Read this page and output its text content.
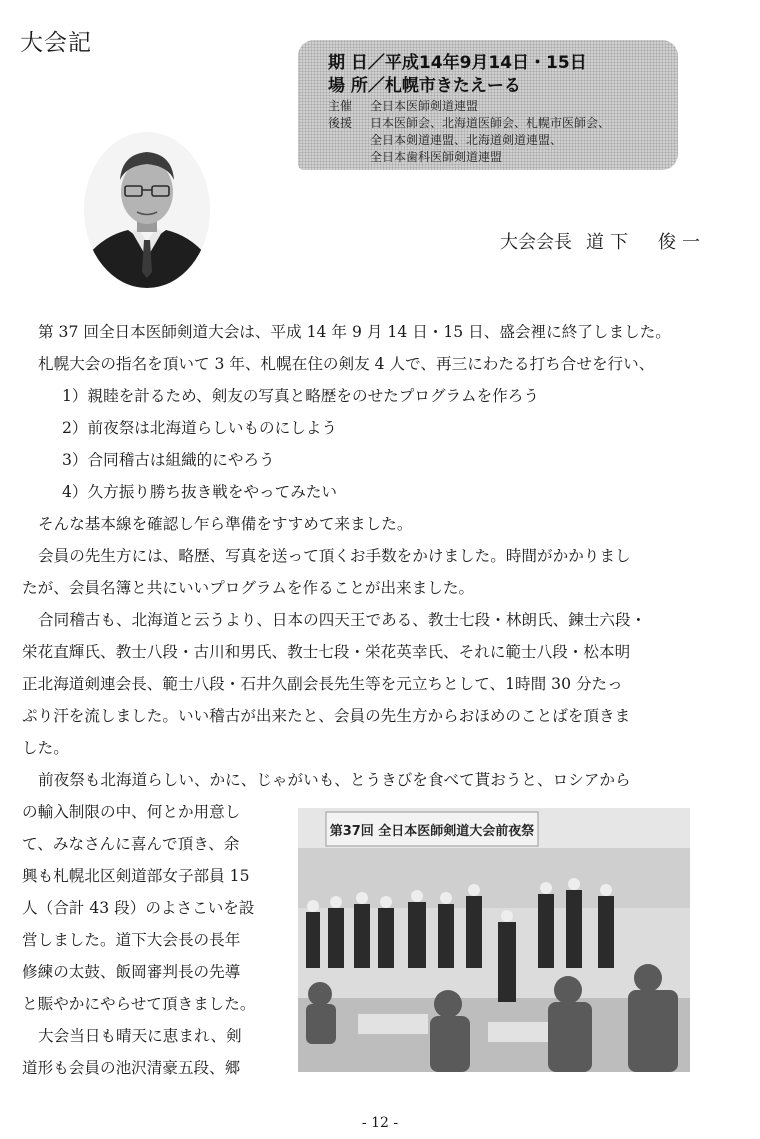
大会記
期 日／平成14年9月14日・15日
場 所／札幌市きたえーる
主催 全日本医師剣道連盟
後援 日本医師会、北海道医師会、札幌市医師会、
全日本剣道連盟、北海道剣道連盟、
全日本歯科医師剣道連盟
大会会長 道下　俊一
第 37 回全日本医師剣道大会は、平成 14 年 9 月 14 日・15 日、盛会裡に終了しました。
札幌大会の指名を頂いて 3 年、札幌在住の剣友 4 人で、再三にわたる打ち合せを行い、
1）親睦を計るため、剣友の写真と略歴をのせたプログラムを作ろう
2）前夜祭は北海道らしいものにしよう
3）合同稽古は組織的にやろう
4）久方振り勝ち抜き戦をやってみたい
そんな基本線を確認し乍ら準備をすすめて来ました。
会員の先生方には、略歴、写真を送って頂くお手数をかけました。時間がかかりまし
たが、会員名簿と共にいいプログラムを作ることが出来ました。
合同稽古も、北海道と云うより、日本の四天王である、教士七段・林朗氏、錬士六段・
栄花直輝氏、教士八段・古川和男氏、教士七段・栄花英幸氏、それに範士八段・松本明
正北海道剣連会長、範士八段・石井久副会長先生等を元立ちとして、1時間 30 分たっ
ぷり汗を流しました。いい稽古が出来たと、会員の先生方からおほめのことばを頂きま
した。
前夜祭も北海道らしい、かに、じゃがいも、とうきびを食べて貰おうと、ロシアから
の輸入制限の中、何とか用意し
て、みなさんに喜んで頂き、余
興も札幌北区剣道部女子部員 15
人（合計 43 段）のよさこいを設
営しました。道下大会長の長年
修練の太鼓、飯岡審判長の先導
と賑やかにやらせて頂きました。
大会当日も晴天に恵まれ、剣
道形も会員の池沢清豪五段、郷
第37回 全日本医師剣道大会前夜祭
- 12 -
